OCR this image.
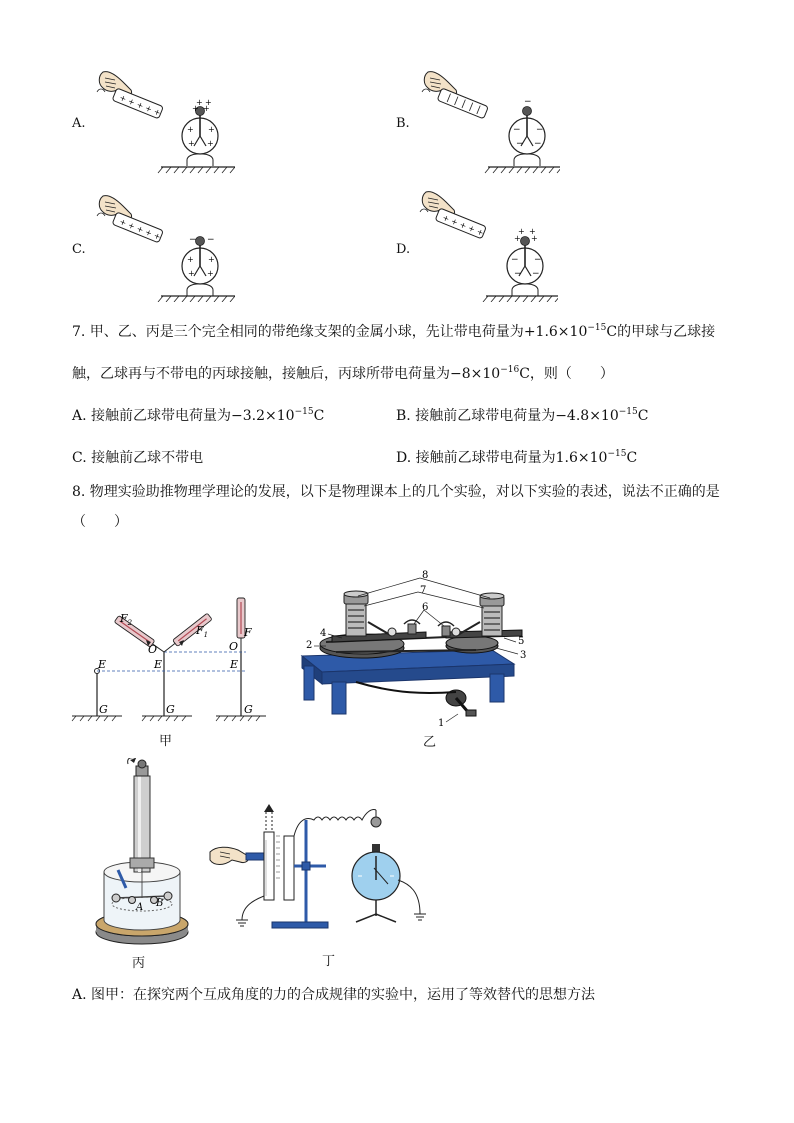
A.
+ + + + +	+ +
+ +
+ +
+ +
B.
−
− −
− −
C.
+ + + + +	− −
+ +
+ +
D.
+ + + + +
+ +
+ +
− −
− −
7. 甲、乙、丙是三个完全相同的带绝缘支架的金属小球，先让带电荷量为$+1.6\times 10^{-15}C$的甲球与乙球接
触，乙球再与不带电的丙球接触，接触后，丙球所带电荷量为$-8\times 10^{-16}C$，则（　　）
A. 接触前乙球带电荷量为$-3.2\times 10^{-15}C$	B. 接触前乙球带电荷量为$-4.8\times 10^{-15}C$
C. 接触前乙球不带电	D. 接触前乙球带电荷量为$1.6\times 10^{-15}C$
8. 物理实验助推物理学理论的发展，以下是物理课本上的几个实验，对以下实验的表述，说法不正确的是
（　　）
$F_2$
$F_1$	F
O	O
E	E	E
G	G	G
甲
8
7
6
4
2	5
3
1
乙
A B
丙	丁
A. 图甲：在探究两个互成角度的力的合成规律的实验中，运用了等效替代的思想方法
